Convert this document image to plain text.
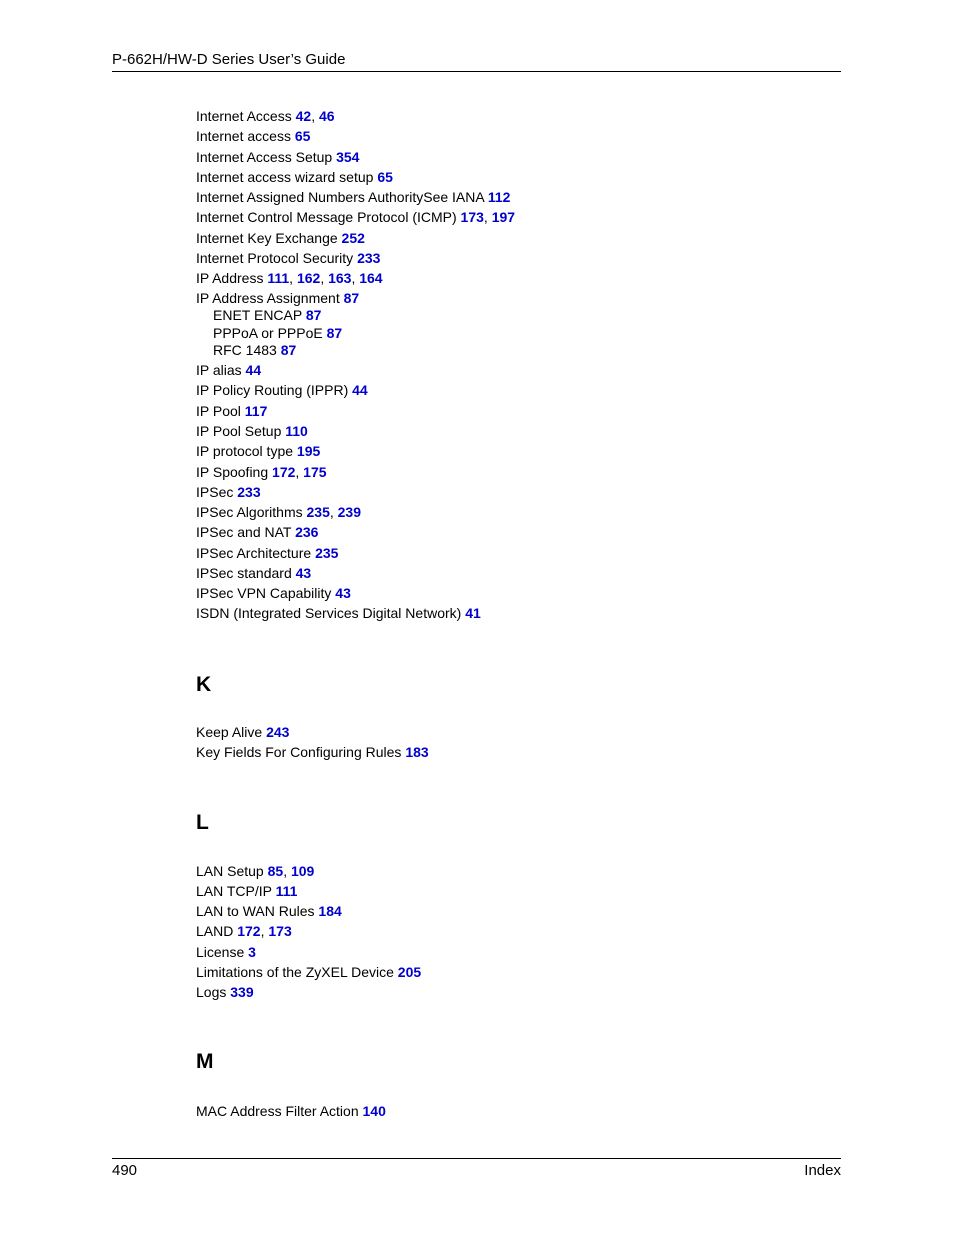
P-662H/HW-D Series User’s Guide
Internet Access 42, 46
Internet access 65
Internet Access Setup 354
Internet access wizard setup 65
Internet Assigned Numbers AuthoritySee IANA 112
Internet Control Message Protocol (ICMP) 173, 197
Internet Key Exchange 252
Internet Protocol Security 233
IP Address 111, 162, 163, 164
IP Address Assignment 87
ENET ENCAP 87
PPPoA or PPPoE 87
RFC 1483 87
IP alias 44
IP Policy Routing (IPPR) 44
IP Pool 117
IP Pool Setup 110
IP protocol type 195
IP Spoofing 172, 175
IPSec 233
IPSec Algorithms 235, 239
IPSec and NAT 236
IPSec Architecture 235
IPSec standard 43
IPSec VPN Capability 43
ISDN (Integrated Services Digital Network) 41
K
Keep Alive 243
Key Fields For Configuring Rules 183
L
LAN Setup 85, 109
LAN TCP/IP 111
LAN to WAN Rules 184
LAND 172, 173
License 3
Limitations of the ZyXEL Device 205
Logs 339
M
MAC Address Filter Action 140
490	Index
